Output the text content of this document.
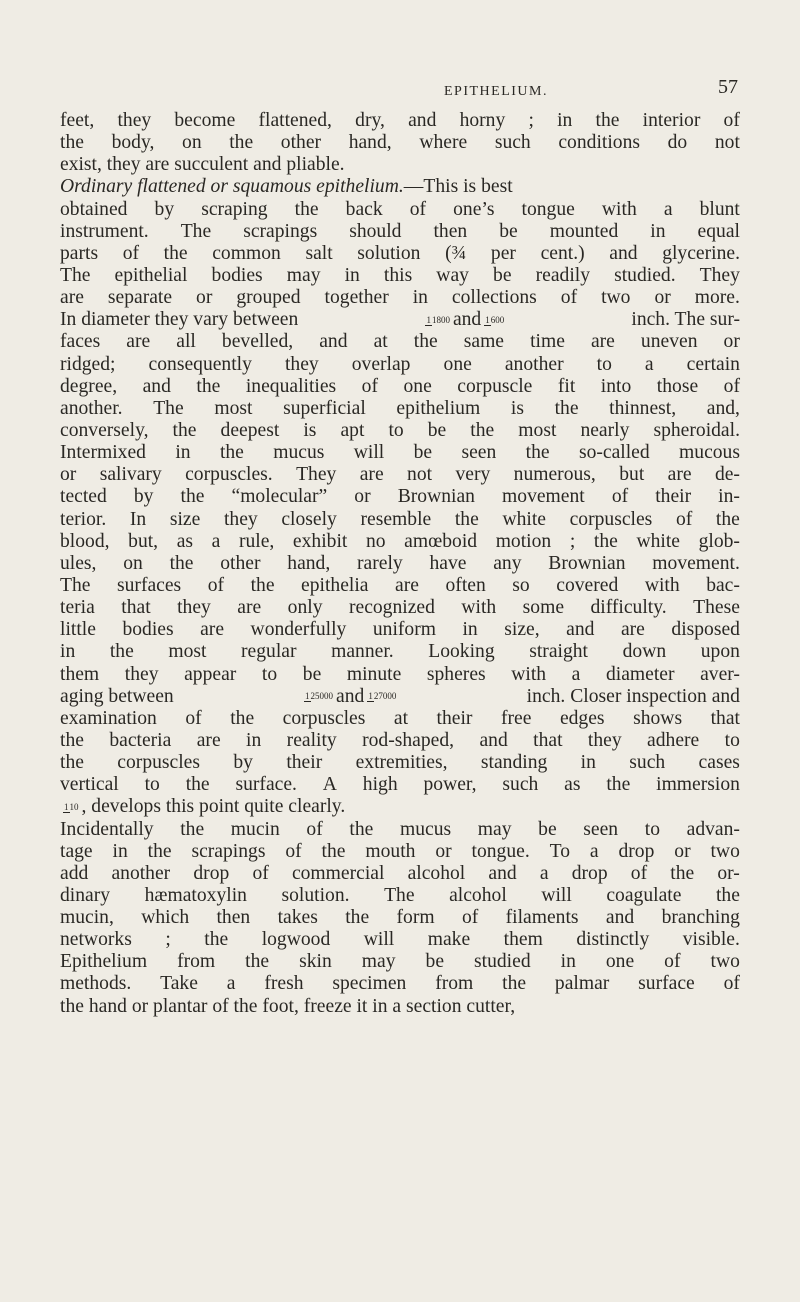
EPITHELIUM.	57
feet, they become flattened, dry, and horny ; in the interior of
the body, on the other hand, where such conditions do not
exist, they are succulent and pliable.
Ordinary flattened or squamous epithelium.—This is best
obtained by scraping the back of one’s tongue with a blunt
instrument. The scrapings should then be mounted in equal
parts of the common salt solution (¾ per cent.) and glycerine.
The epithelial bodies may in this way be readily studied. They
are separate or grouped together in collections of two or more.
In diameter they vary between	11800 and 1600	inch. The sur-
faces are all bevelled, and at the same time are uneven or
ridged; consequently they overlap one another to a certain
degree, and the inequalities of one corpuscle fit into those of
another. The most superficial epithelium is the thinnest, and,
conversely, the deepest is apt to be the most nearly spheroidal.
Intermixed in the mucus will be seen the so-called mucous
or salivary corpuscles. They are not very numerous, but are de-
tected by the “molecular” or Brownian movement of their in-
terior. In size they closely resemble the white corpuscles of the
blood, but, as a rule, exhibit no amœboid motion ; the white glob-
ules, on the other hand, rarely have any Brownian movement.
The surfaces of the epithelia are often so covered with bac-
teria that they are only recognized with some difficulty. These
little bodies are wonderfully uniform in size, and are disposed
in the most regular manner. Looking straight down upon
them they appear to be minute spheres with a diameter aver-
aging between	125000 and 127000	inch. Closer inspection and
examination of the corpuscles at their free edges shows that
the bacteria are in reality rod-shaped, and that they adhere to
the corpuscles by their extremities, standing in such cases
vertical to the surface. A high power, such as the immersion
110 , develops this point quite clearly.
Incidentally the mucin of the mucus may be seen to advan-
tage in the scrapings of the mouth or tongue. To a drop or two
add another drop of commercial alcohol and a drop of the or-
dinary hæmatoxylin solution. The alcohol will coagulate the
mucin, which then takes the form of filaments and branching
networks ; the logwood will make them distinctly visible.
Epithelium from the skin may be studied in one of two
methods. Take a fresh specimen from the palmar surface of
the hand or plantar of the foot, freeze it in a section cutter,
